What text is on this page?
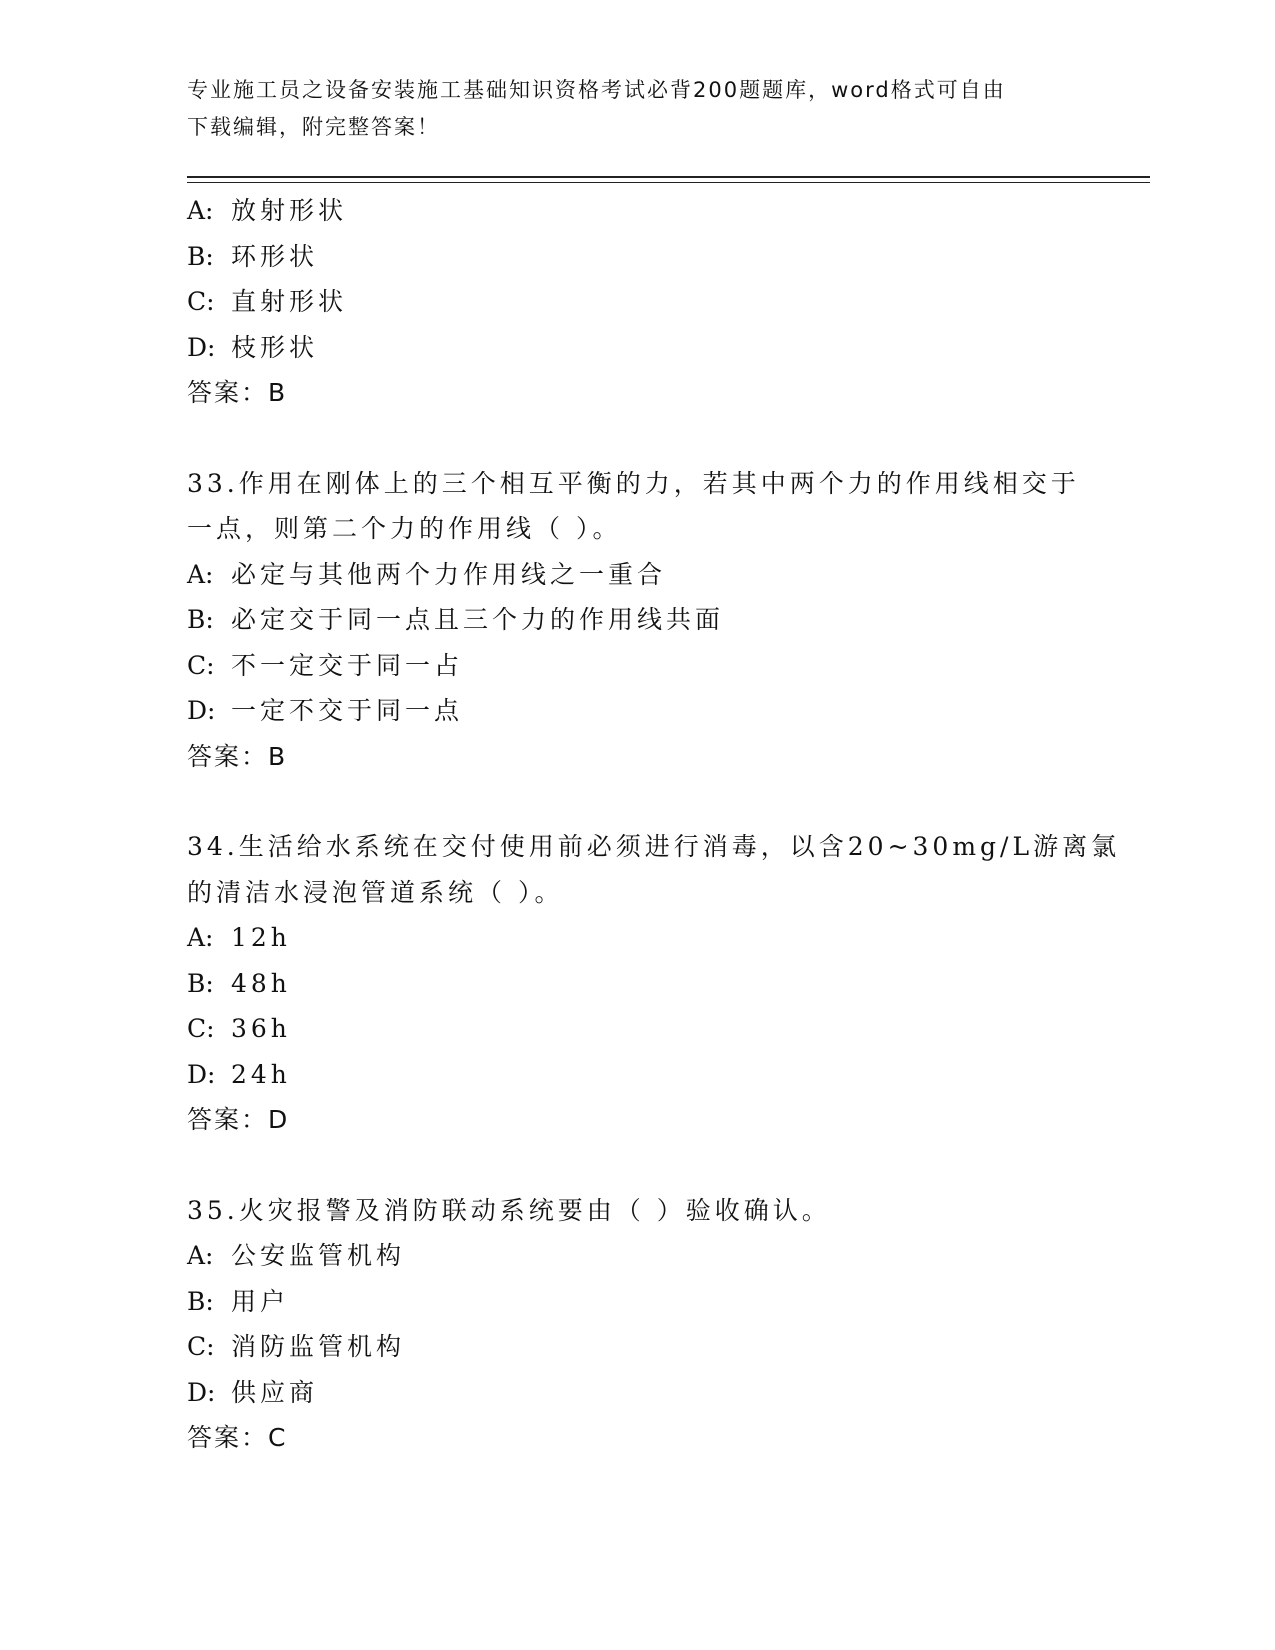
专业施工员之设备安装施工基础知识资格考试必背200题题库，word格式可自由
下载编辑，附完整答案！
A: 放射形状
B: 环形状
C: 直射形状
D: 枝形状
答案：B
33.作用在刚体上的三个相互平衡的力，若其中两个力的作用线相交于
一点，则第二个力的作用线（ ）。
A: 必定与其他两个力作用线之一重合
B: 必定交于同一点且三个力的作用线共面
C: 不一定交于同一占
D: 一定不交于同一点
答案：B
34.生活给水系统在交付使用前必须进行消毒，以含20~30mg/L游离氯
的清洁水浸泡管道系统（ ）。
A: 12h
B: 48h
C: 36h
D: 24h
答案：D
35.火灾报警及消防联动系统要由（ ）验收确认。
A: 公安监管机构
B: 用户
C: 消防监管机构
D: 供应商
答案：C
